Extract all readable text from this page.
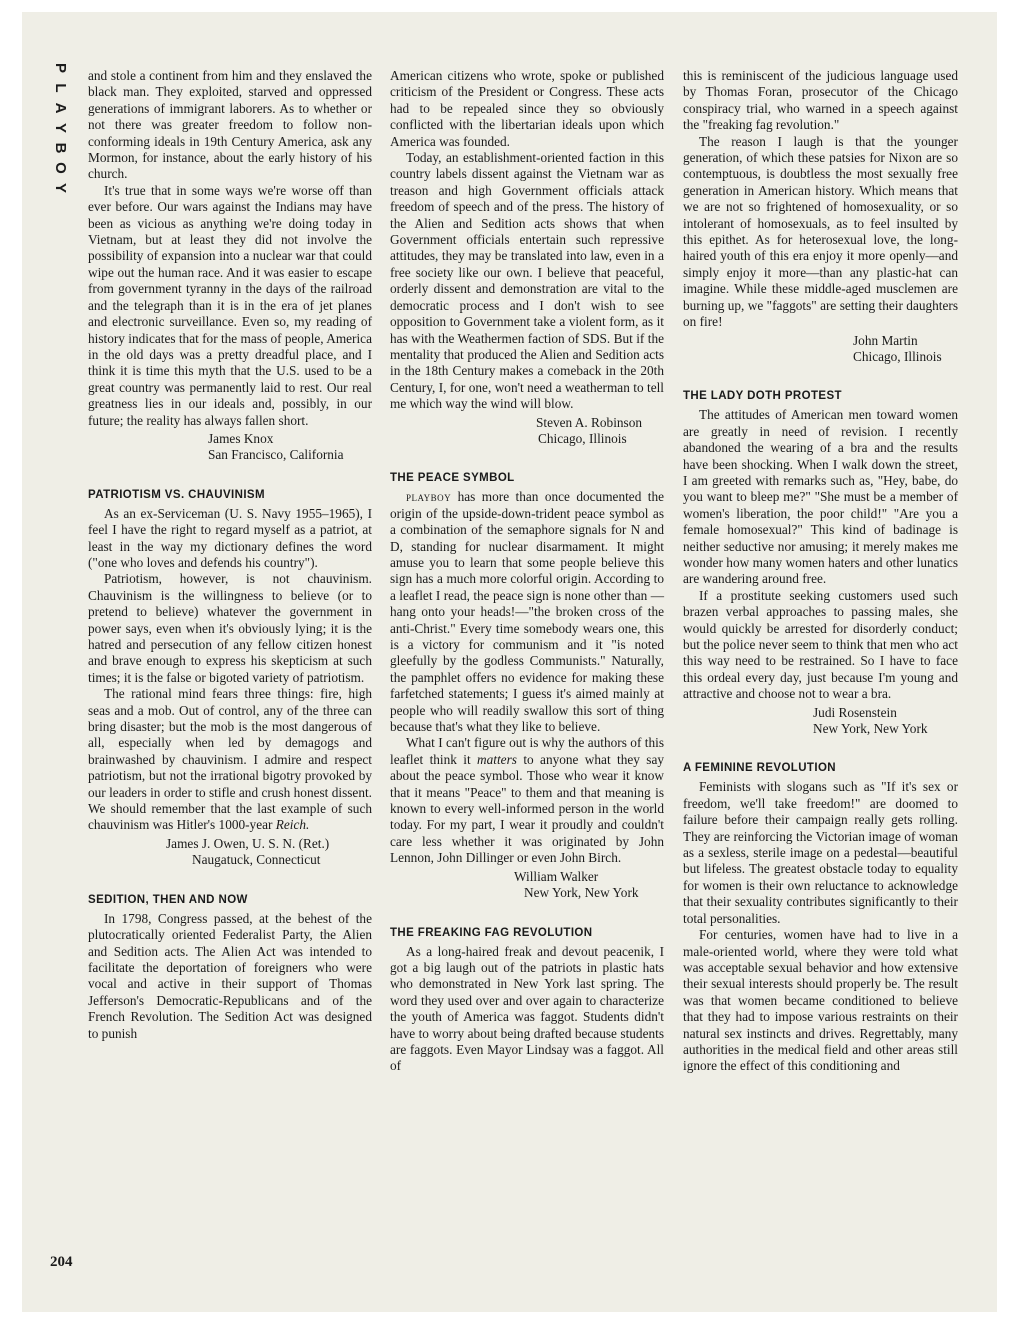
P
L
A
Y
B
O
Y
204

and stole a continent from him and they enslaved the black man. They exploited, starved and oppressed generations of immigrant laborers. As to whether or not there was greater freedom to follow non-conforming ideals in 19th Century America, ask any Mormon, for instance, about the early history of his church.

It's true that in some ways we're worse off than ever before. Our wars against the Indians may have been as vicious as anything we're doing today in Vietnam, but at least they did not involve the possibility of expansion into a nuclear war that could wipe out the human race. And it was easier to escape from government tyranny in the days of the railroad and the telegraph than it is in the era of jet planes and electronic surveillance. Even so, my reading of history indicates that for the mass of people, America in the old days was a pretty dreadful place, and I think it is time this myth that the U.S. used to be a great country was permanently laid to rest. Our real greatness lies in our ideals and, possibly, in our future; the reality has always fallen short.

James Knox
San Francisco, California
PATRIOTISM VS. CHAUVINISM

As an ex-Serviceman (U. S. Navy 1955–1965), I feel I have the right to regard myself as a patriot, at least in the way my dictionary defines the word ("one who loves and defends his country").

Patriotism, however, is not chauvinism. Chauvinism is the willingness to believe (or to pretend to believe) whatever the government in power says, even when it's obviously lying; it is the hatred and persecution of any fellow citizen honest and brave enough to express his skepticism at such times; it is the false or bigoted variety of patriotism.

The rational mind fears three things: fire, high seas and a mob. Out of control, any of the three can bring disaster; but the mob is the most dangerous of all, especially when led by demagogs and brainwashed by chauvinism. I admire and respect patriotism, but not the irrational bigotry provoked by our leaders in order to stifle and crush honest dissent. We should remember that the last example of such chauvinism was Hitler's 1000-year Reich.

James J. Owen, U. S. N. (Ret.)
Naugatuck, Connecticut
SEDITION, THEN AND NOW

In 1798, Congress passed, at the behest of the plutocratically oriented Federalist Party, the Alien and Sedition acts. The Alien Act was intended to facilitate the deportation of foreigners who were vocal and active in their support of Thomas Jefferson's Democratic-Republicans and of the French Revolution. The Sedition Act was designed to punish

American citizens who wrote, spoke or published criticism of the President or Congress. These acts had to be repealed since they so obviously conflicted with the libertarian ideals upon which America was founded.

Today, an establishment-oriented faction in this country labels dissent against the Vietnam war as treason and high Government officials attack freedom of speech and of the press. The history of the Alien and Sedition acts shows that when Government officials entertain such repressive attitudes, they may be translated into law, even in a free society like our own. I believe that peaceful, orderly dissent and demonstration are vital to the democratic process and I don't wish to see opposition to Government take a violent form, as it has with the Weathermen faction of SDS. But if the mentality that produced the Alien and Sedition acts in the 18th Century makes a comeback in the 20th Century, I, for one, won't need a weatherman to tell me which way the wind will blow.

Steven A. Robinson
Chicago, Illinois
THE PEACE SYMBOL

playboy has more than once documented the origin of the upside-down-trident peace symbol as a combination of the semaphore signals for N and D, standing for nuclear disarmament. It might amuse you to learn that some people believe this sign has a much more colorful origin. According to a leaflet I read, the peace sign is none other than —hang onto your heads!—"the broken cross of the anti-Christ." Every time somebody wears one, this is a victory for communism and it "is noted gleefully by the godless Communists." Naturally, the pamphlet offers no evidence for making these farfetched statements; I guess it's aimed mainly at people who will readily swallow this sort of thing because that's what they like to believe.

What I can't figure out is why the authors of this leaflet think it matters to anyone what they say about the peace symbol. Those who wear it know that it means "Peace" to them and that meaning is known to every well-informed person in the world today. For my part, I wear it proudly and couldn't care less whether it was originated by John Lennon, John Dillinger or even John Birch.

William Walker
New York, New York
THE FREAKING FAG REVOLUTION

As a long-haired freak and devout peacenik, I got a big laugh out of the patriots in plastic hats who demonstrated in New York last spring. The word they used over and over again to characterize the youth of America was faggot. Students didn't have to worry about being drafted because students are faggots. Even Mayor Lindsay was a faggot. All of

this is reminiscent of the judicious language used by Thomas Foran, prosecutor of the Chicago conspiracy trial, who warned in a speech against the "freaking fag revolution."

The reason I laugh is that the younger generation, of which these patsies for Nixon are so contemptuous, is doubtless the most sexually free generation in American history. Which means that we are not so frightened of homosexuality, or so intolerant of homosexuals, as to feel insulted by this epithet. As for heterosexual love, the long-haired youth of this era enjoy it more openly—and simply enjoy it more—than any plastic-hat can imagine. While these middle-aged musclemen are burning up, we "faggots" are setting their daughters on fire!

John Martin
Chicago, Illinois
THE LADY DOTH PROTEST

The attitudes of American men toward women are greatly in need of revision. I recently abandoned the wearing of a bra and the results have been shocking. When I walk down the street, I am greeted with remarks such as, "Hey, babe, do you want to bleep me?" "She must be a member of women's liberation, the poor child!" "Are you a female homosexual?" This kind of badinage is neither seductive nor amusing; it merely makes me wonder how many women haters and other lunatics are wandering around free.

If a prostitute seeking customers used such brazen verbal approaches to passing males, she would quickly be arrested for disorderly conduct; but the police never seem to think that men who act this way need to be restrained. So I have to face this ordeal every day, just because I'm young and attractive and choose not to wear a bra.

Judi Rosenstein
New York, New York
A FEMININE REVOLUTION

Feminists with slogans such as "If it's sex or freedom, we'll take freedom!" are doomed to failure before their campaign really gets rolling. They are reinforcing the Victorian image of woman as a sexless, sterile image on a pedestal—beautiful but lifeless. The greatest obstacle today to equality for women is their own reluctance to acknowledge that their sexuality contributes significantly to their total personalities.

For centuries, women have had to live in a male-oriented world, where they were told what was acceptable sexual behavior and how extensive their sexual interests should properly be. The result was that women became conditioned to believe that they had to impose various restraints on their natural sex instincts and drives. Regrettably, many authorities in the medical field and other areas still ignore the effect of this conditioning and
